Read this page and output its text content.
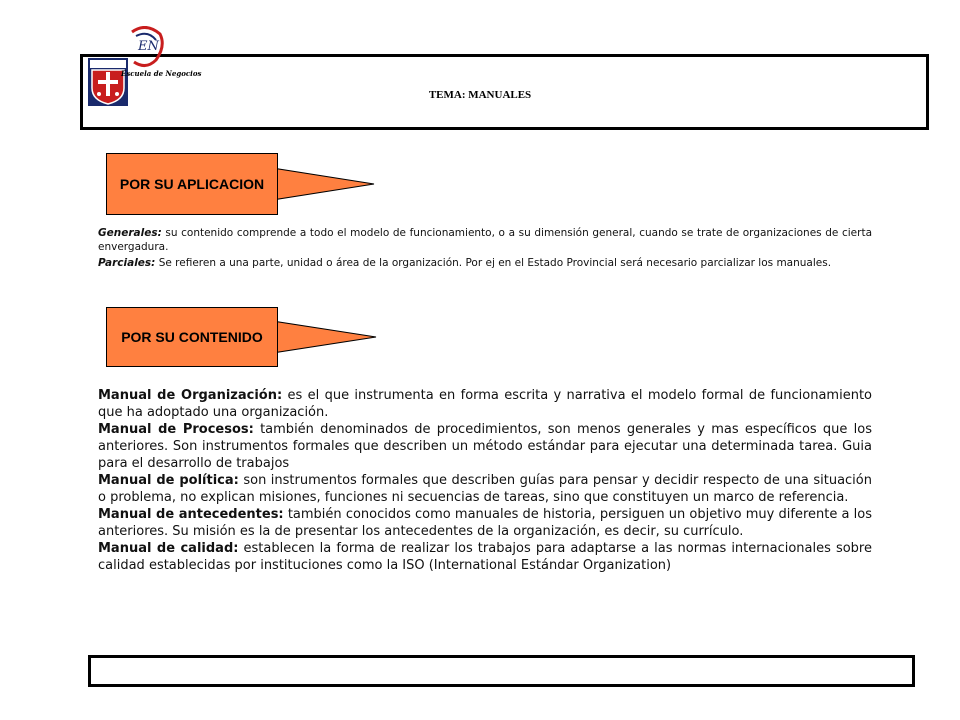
EN
Escuela de Negocios
TEMA: MANUALES
POR SU APLICACION

Generales: su contenido comprende a todo el modelo de funcionamiento, o a su dimensión general, cuando se trate de organizaciones de cierta envergadura.

Parciales: Se refieren a una parte, unidad o área de la organización. Por ej en el Estado Provincial será necesario parcializar los manuales.

POR SU CONTENIDO

Manual de Organización: es el que instrumenta en forma escrita y narrativa el modelo formal de funcionamiento que ha adoptado una organización.

Manual de Procesos: también denominados de procedimientos, son menos generales y mas específicos que los anteriores. Son instrumentos formales que describen un método estándar para ejecutar una determinada tarea. Guia para el desarrollo de trabajos

Manual de política: son instrumentos formales que describen guías para pensar y decidir respecto de una situación o problema, no explican misiones, funciones ni secuencias de tareas, sino que constituyen un marco de referencia.

Manual de antecedentes: también conocidos como manuales de historia, persiguen un objetivo muy diferente a los anteriores. Su misión es la de presentar los antecedentes de la organización, es decir, su currículo.

Manual de calidad: establecen la forma de realizar los trabajos para adaptarse a las normas internacionales sobre calidad establecidas por instituciones como la ISO (International Estándar Organization)
